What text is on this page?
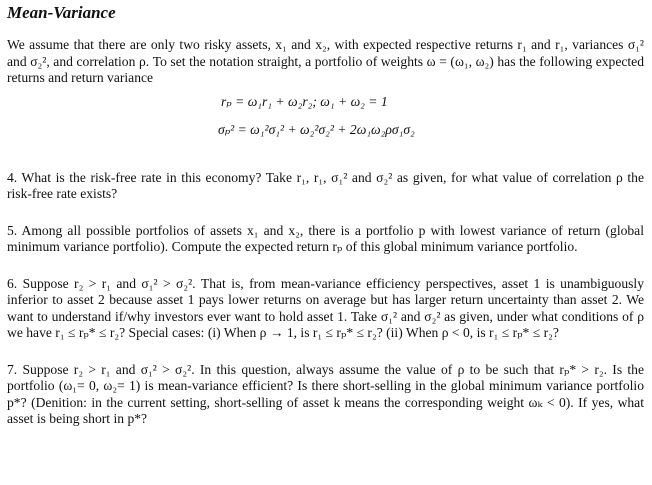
Mean-Variance

We assume that there are only two risky assets, x₁ and x₂, with expected respective returns r₁ and r₁, variances σ₁² and σ₂², and correlation ρ. To set the notation straight, a portfolio of weights ω = (ω₁, ω₂) has the following expected returns and return variance

rₚ = ω₁r₁ + ω₂r₂; ω₁ + ω₂ = 1
σₚ² = ω₁²σ₁² + ω₂²σ₂² + 2ω₁ω₂ρσ₁σ₂

4. What is the risk-free rate in this economy? Take r₁, r₁, σ₁² and σ₂² as given, for what value of correlation ρ the risk-free rate exists?

5. Among all possible portfolios of assets x₁ and x₂, there is a portfolio p with lowest variance of return (global minimum variance portfolio). Compute the expected return rₚ of this global minimum variance portfolio.

6. Suppose r₂ > r₁ and σ₁² > σ₂². That is, from mean-variance efficiency perspectives, asset 1 is unambiguously inferior to asset 2 because asset 1 pays lower returns on average but has larger return uncertainty than asset 2. We want to understand if/why investors ever want to hold asset 1. Take σ₁² and σ₂² as given, under what conditions of ρ we have r₁ ≤ rₚ* ≤ r₂? Special cases: (i) When ρ → 1, is r₁ ≤ rₚ* ≤ r₂? (ii) When ρ < 0, is r₁ ≤ rₚ* ≤ r₂?

7. Suppose r₂ > r₁ and σ₁² > σ₂². In this question, always assume the value of ρ to be such that rₚ* > r₂. Is the portfolio (ω₁= 0, ω₂= 1) is mean-variance efficient? Is there short-selling in the global minimum variance portfolio p*? (Denition: in the current setting, short-selling of asset k means the corresponding weight ωₖ < 0). If yes, what asset is being short in p*?
